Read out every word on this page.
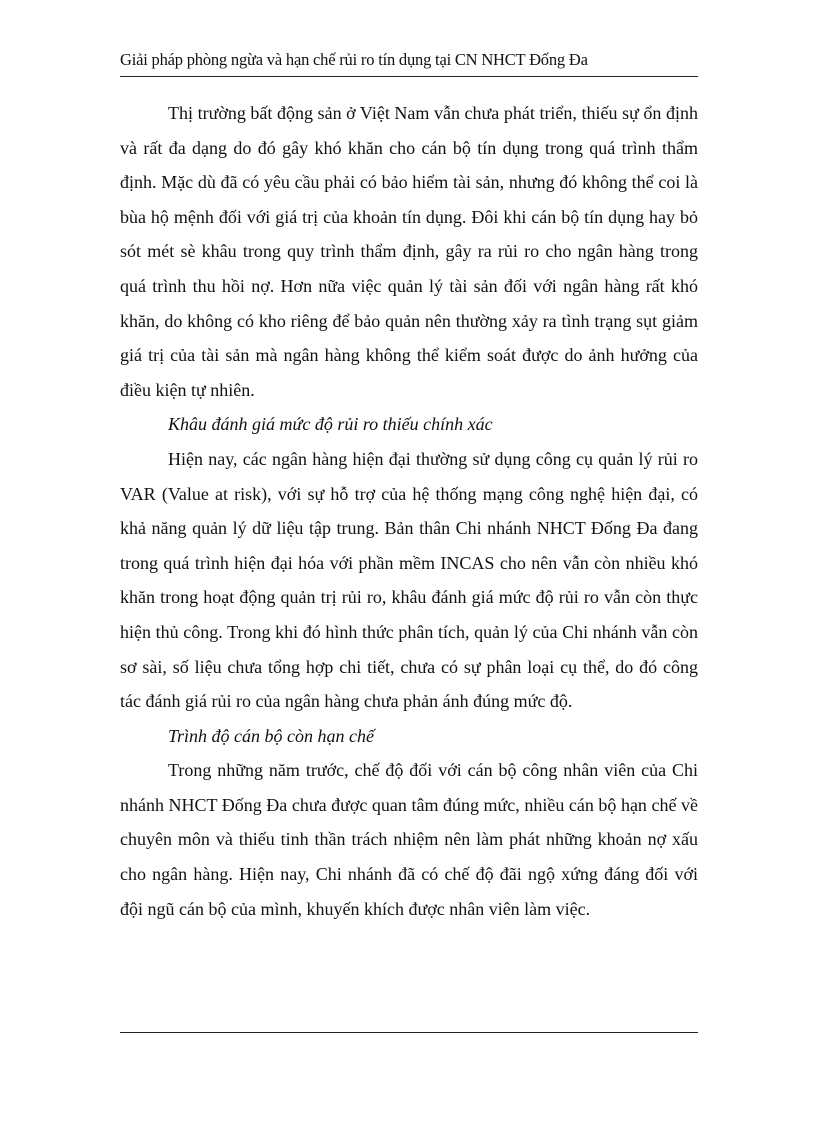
Giải pháp phòng ngừa và hạn chế rủi ro tín dụng tại CN NHCT Đống Đa

Thị trường bất động sản ở Việt Nam vẫn chưa phát triển, thiếu sự ổn định và rất đa dạng do đó gây khó khăn cho cán bộ tín dụng trong quá trình thẩm định. Mặc dù đã có yêu cầu phải có bảo hiểm tài sản, nhưng đó không thể coi là bùa hộ mệnh đối với giá trị của khoản tín dụng. Đôi khi cán bộ tín dụng hay bỏ sót mét sè khâu trong quy trình thẩm định, gây ra rủi ro cho ngân hàng trong quá trình thu hồi nợ. Hơn nữa việc quản lý tài sản đối với ngân hàng rất khó khăn, do không có kho riêng để bảo quản nên thường xảy ra tình trạng sụt giảm giá trị của tài sản mà ngân hàng không thể kiểm soát được do ảnh hưởng của điều kiện tự nhiên.

Khâu đánh giá mức độ rủi ro thiếu chính xác

Hiện nay, các ngân hàng hiện đại thường sử dụng công cụ quản lý rủi ro VAR (Value at risk), với sự hỗ trợ của hệ thống mạng công nghệ hiện đại, có khả năng quản lý dữ liệu tập trung. Bản thân Chi nhánh NHCT Đống Đa đang trong quá trình hiện đại hóa với phần mềm INCAS cho nên vẫn còn nhiều khó khăn trong hoạt động quản trị rủi ro, khâu đánh giá mức độ rủi ro vẫn còn thực hiện thủ công. Trong khi đó hình thức phân tích, quản lý của Chi nhánh vẫn còn sơ sài, số liệu chưa tổng hợp chi tiết, chưa có sự phân loại cụ thể, do đó công tác đánh giá rủi ro của ngân hàng chưa phản ánh đúng mức độ.

Trình độ cán bộ còn hạn chế

Trong những năm trước, chế độ đối với cán bộ công nhân viên của Chi nhánh NHCT Đống Đa chưa được quan tâm đúng mức, nhiều cán bộ hạn chế về chuyên môn và thiếu tinh thần trách nhiệm nên làm phát những khoản nợ xấu cho ngân hàng. Hiện nay, Chi nhánh đã có chế độ đãi ngộ xứng đáng đối với đội ngũ cán bộ của mình, khuyến khích được nhân viên làm việc.
